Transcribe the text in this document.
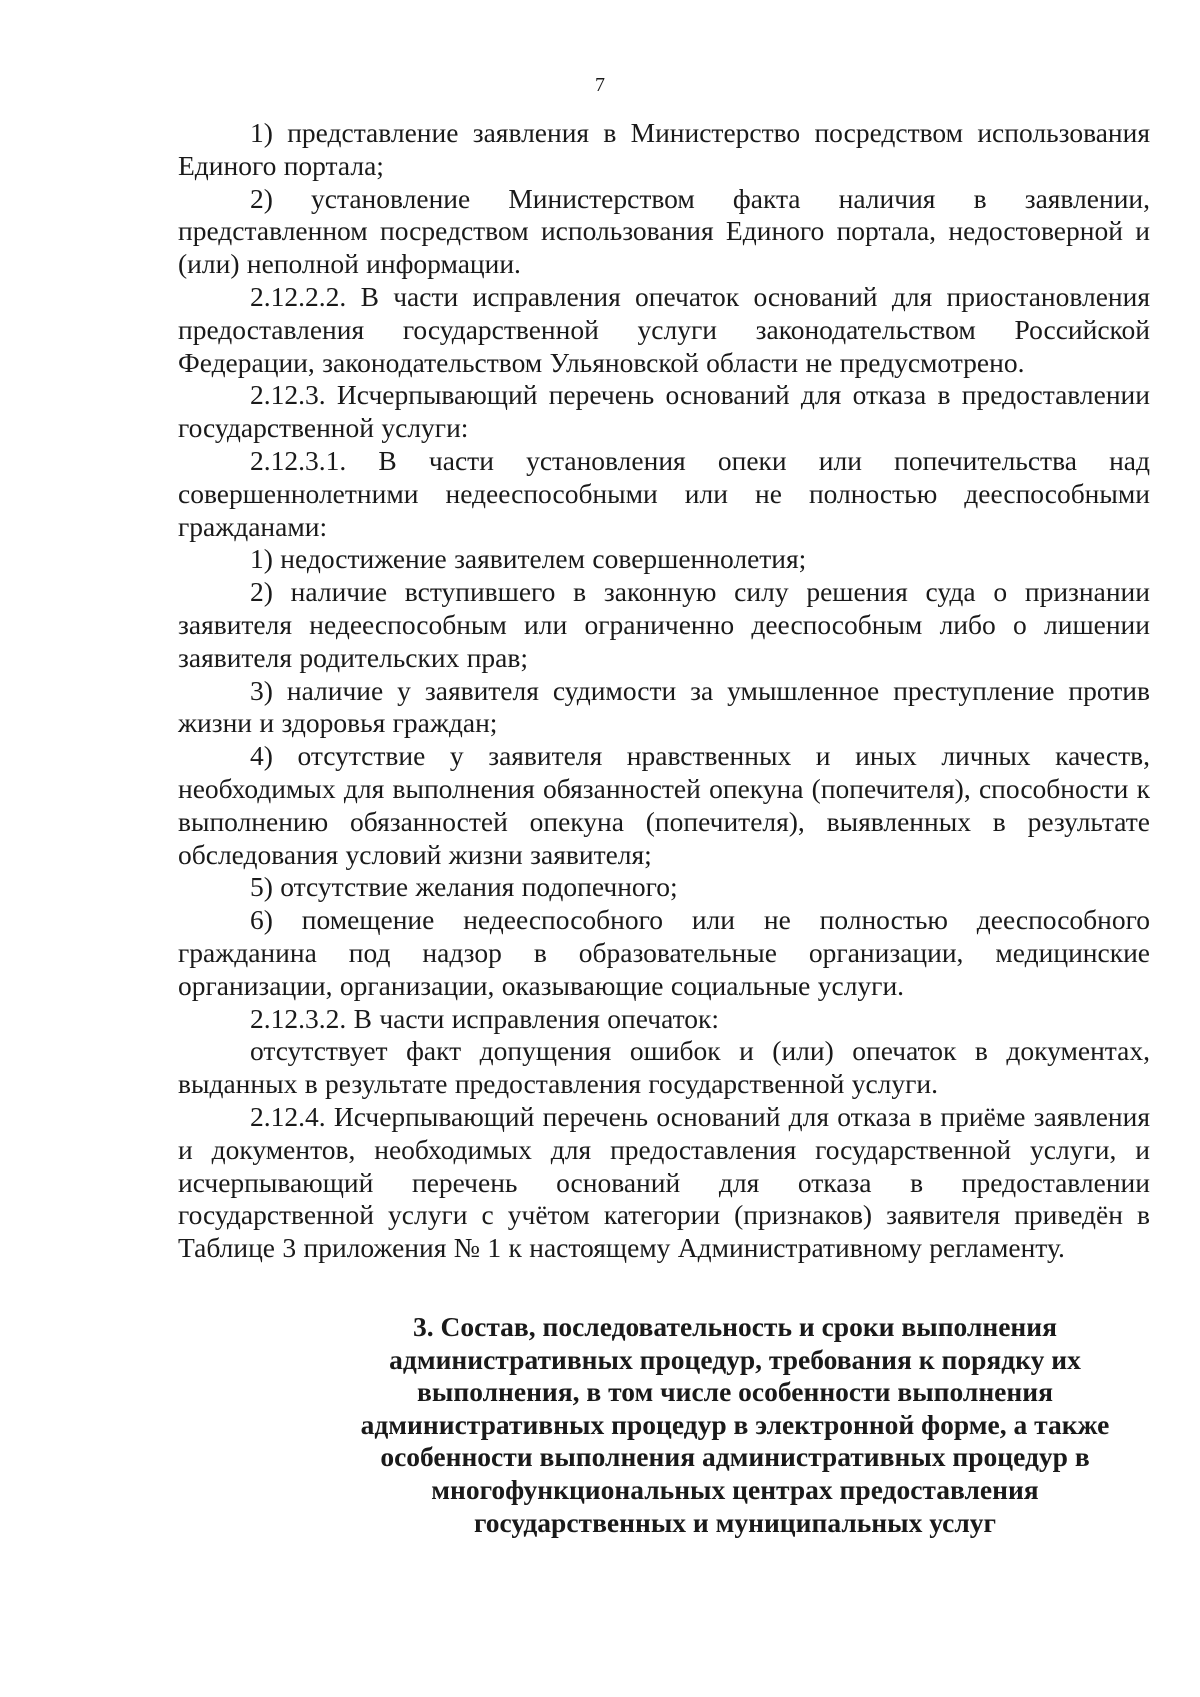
7

1) представление заявления в Министерство посредством использования Единого портала;

2) установление Министерством факта наличия в заявлении, представленном посредством использования Единого портала, недостоверной и (или) неполной информации.

2.12.2.2. В части исправления опечаток оснований для приостановления предоставления государственной услуги законодательством Российской Федерации, законодательством Ульяновской области не предусмотрено.

2.12.3. Исчерпывающий перечень оснований для отказа в предоставлении государственной услуги:

2.12.3.1. В части установления опеки или попечительства над совершеннолетними недееспособными или не полностью дееспособными гражданами:

1) недостижение заявителем совершеннолетия;

2) наличие вступившего в законную силу решения суда о признании заявителя недееспособным или ограниченно дееспособным либо о лишении заявителя родительских прав;

3) наличие у заявителя судимости за умышленное преступление против жизни и здоровья граждан;

4) отсутствие у заявителя нравственных и иных личных качеств, необходимых для выполнения обязанностей опекуна (попечителя), способности к выполнению обязанностей опекуна (попечителя), выявленных в результате обследования условий жизни заявителя;

5) отсутствие желания подопечного;

6) помещение недееспособного или не полностью дееспособного гражданина под надзор в образовательные организации, медицинские организации, организации, оказывающие социальные услуги.

2.12.3.2. В части исправления опечаток:

отсутствует факт допущения ошибок и (или) опечаток в документах, выданных в результате предоставления государственной услуги.

2.12.4. Исчерпывающий перечень оснований для отказа в приёме заявления и документов, необходимых для предоставления государственной услуги, и исчерпывающий перечень оснований для отказа в предоставлении государственной услуги с учётом категории (признаков) заявителя приведён в Таблице 3 приложения № 1 к настоящему Административному регламенту.

3. Состав, последовательность и сроки выполнения

административных процедур, требования к порядку их

выполнения, в том числе особенности выполнения

административных процедур в электронной форме, а также

особенности выполнения административных процедур в

многофункциональных центрах предоставления

государственных и муниципальных услуг
